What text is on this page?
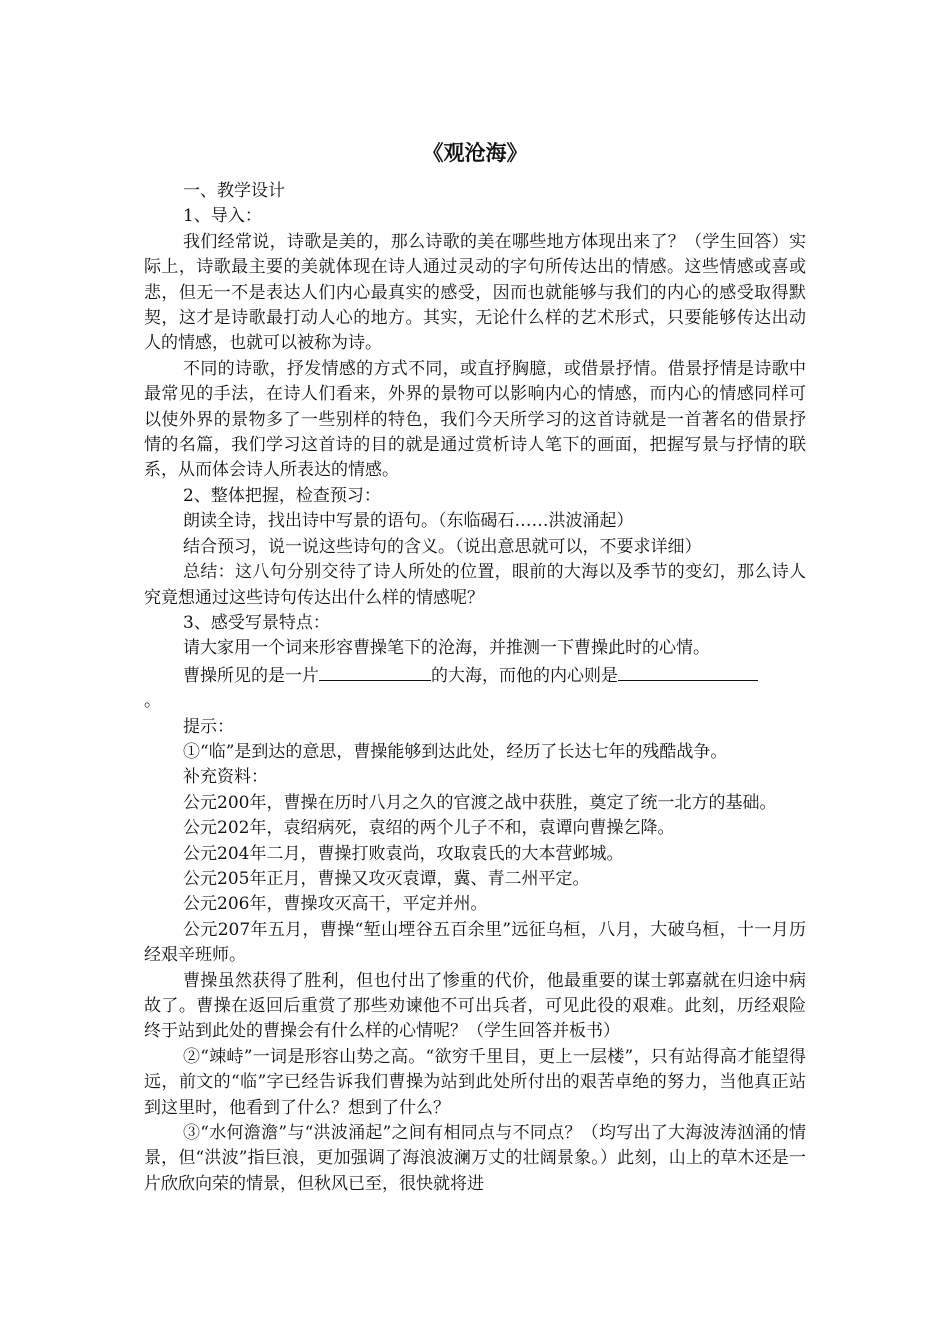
《观沧海》

一、教学设计

1、导入：

我们经常说，诗歌是美的，那么诗歌的美在哪些地方体现出来了？（学生回答）实际上，诗歌最主要的美就体现在诗人通过灵动的字句所传达出的情感。这些情感或喜或悲，但无一不是表达人们内心最真实的感受，因而也就能够与我们的内心的感受取得默契，这才是诗歌最打动人心的地方。其实，无论什么样的艺术形式，只要能够传达出动人的情感，也就可以被称为诗。

不同的诗歌，抒发情感的方式不同，或直抒胸臆，或借景抒情。借景抒情是诗歌中最常见的手法，在诗人们看来，外界的景物可以影响内心的情感，而内心的情感同样可以使外界的景物多了一些别样的特色，我们今天所学习的这首诗就是一首著名的借景抒情的名篇，我们学习这首诗的目的就是通过赏析诗人笔下的画面，把握写景与抒情的联系，从而体会诗人所表达的情感。

2、整体把握，检查预习：

朗读全诗，找出诗中写景的语句。（东临碣石……洪波涌起）

结合预习，说一说这些诗句的含义。（说出意思就可以，不要求详细）

总结：这八句分别交待了诗人所处的位置，眼前的大海以及季节的变幻，那么诗人究竟想通过这些诗句传达出什么样的情感呢？

3、感受写景特点：

请大家用一个词来形容曹操笔下的沧海，并推测一下曹操此时的心情。

曹操所见的是一片	的大海，而他的内心则是

。

提示：

①“临”是到达的意思，曹操能够到达此处，经历了长达七年的残酷战争。

补充资料：

公元200年，曹操在历时八月之久的官渡之战中获胜，奠定了统一北方的基础。

公元202年，袁绍病死，袁绍的两个儿子不和，袁谭向曹操乞降。

公元204年二月，曹操打败袁尚，攻取袁氏的大本营邺城。

公元205年正月，曹操又攻灭袁谭，冀、青二州平定。

公元206年，曹操攻灭高干，平定并州。

公元207年五月，曹操“堑山堙谷五百余里”远征乌桓，八月，大破乌桓，十一月历经艰辛班师。

曹操虽然获得了胜利，但也付出了惨重的代价，他最重要的谋士郭嘉就在归途中病故了。曹操在返回后重赏了那些劝谏他不可出兵者，可见此役的艰难。此刻，历经艰险终于站到此处的曹操会有什么样的心情呢？（学生回答并板书）

②“竦峙”一词是形容山势之高。“欲穷千里目，更上一层楼”，只有站得高才能望得远，前文的“临”字已经告诉我们曹操为站到此处所付出的艰苦卓绝的努力，当他真正站到这里时，他看到了什么？想到了什么？

③“水何澹澹”与“洪波涌起”之间有相同点与不同点？（均写出了大海波涛汹涌的情景，但“洪波”指巨浪，更加强调了海浪波澜万丈的壮阔景象。）此刻，山上的草木还是一片欣欣向荣的情景，但秋风已至，很快就将进
